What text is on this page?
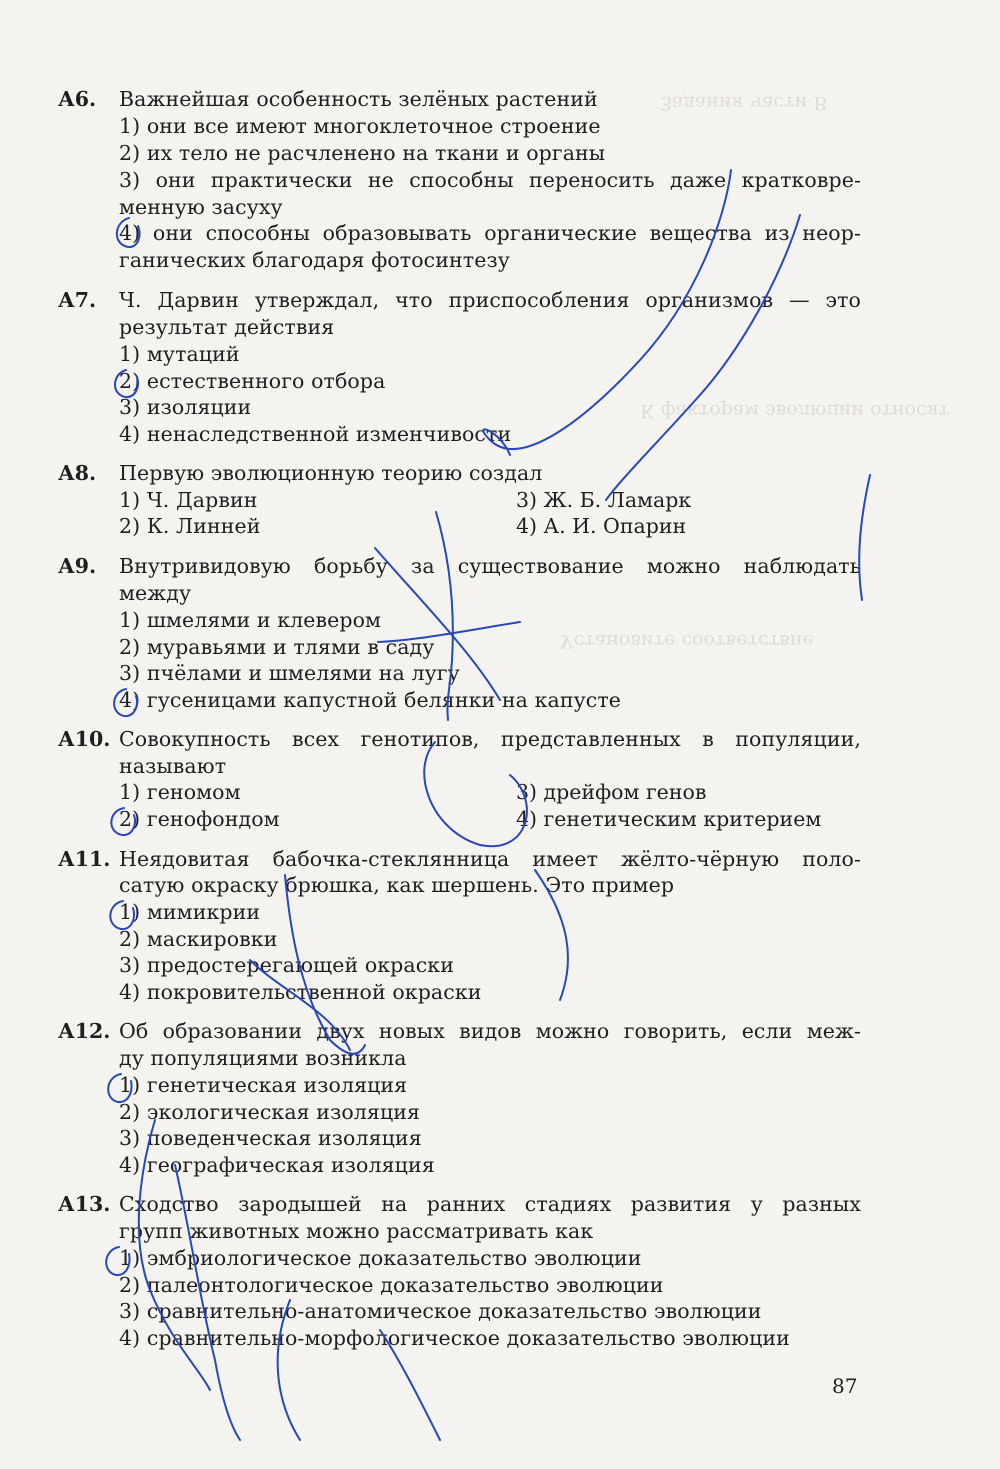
Задания части B
К факторам эволюции относят
Установите соответствие
А6. Важнейшая особенность зелёных растений
1) они все имеют многоклеточное строение
2) их тело не расчленено на ткани и органы
3) они практически не способны переносить даже кратковре-
менную засуху
4) они способны образовывать органические вещества из неор-
ганических благодаря фотосинтезу
А7. Ч. Дарвин утверждал, что приспособления организмов — это
результат действия
1) мутаций
2) естественного отбора
3) изоляции
4) ненаследственной изменчивости
А8. Первую эволюционную теорию создал
1) Ч. Дарвин	3) Ж. Б. Ламарк
2) К. Линней	4) А. И. Опарин
А9. Внутривидовую борьбу за существование можно наблюдать
между
1) шмелями и клевером
2) муравьями и тлями в саду
3) пчёлами и шмелями на лугу
4) гусеницами капустной белянки на капусте
А10. Совокупность всех генотипов, представленных в популяции,
называют
1) геномом	3) дрейфом генов
2) генофондом	4) генетическим критерием
А11. Неядовитая бабочка-стеклянница имеет жёлто-чёрную поло-
сатую окраску брюшка, как шершень. Это пример
1) мимикрии
2) маскировки
3) предостерегающей окраски
4) покровительственной окраски
А12. Об образовании двух новых видов можно говорить, если меж-
ду популяциями возникла
1) генетическая изоляция
2) экологическая изоляция
3) поведенческая изоляция
4) географическая изоляция
А13. Сходство зародышей на ранних стадиях развития у разных
групп животных можно рассматривать как
1) эмбриологическое доказательство эволюции
2) палеонтологическое доказательство эволюции
3) сравнительно-анатомическое доказательство эволюции
4) сравнительно-морфологическое доказательство эволюции
87
